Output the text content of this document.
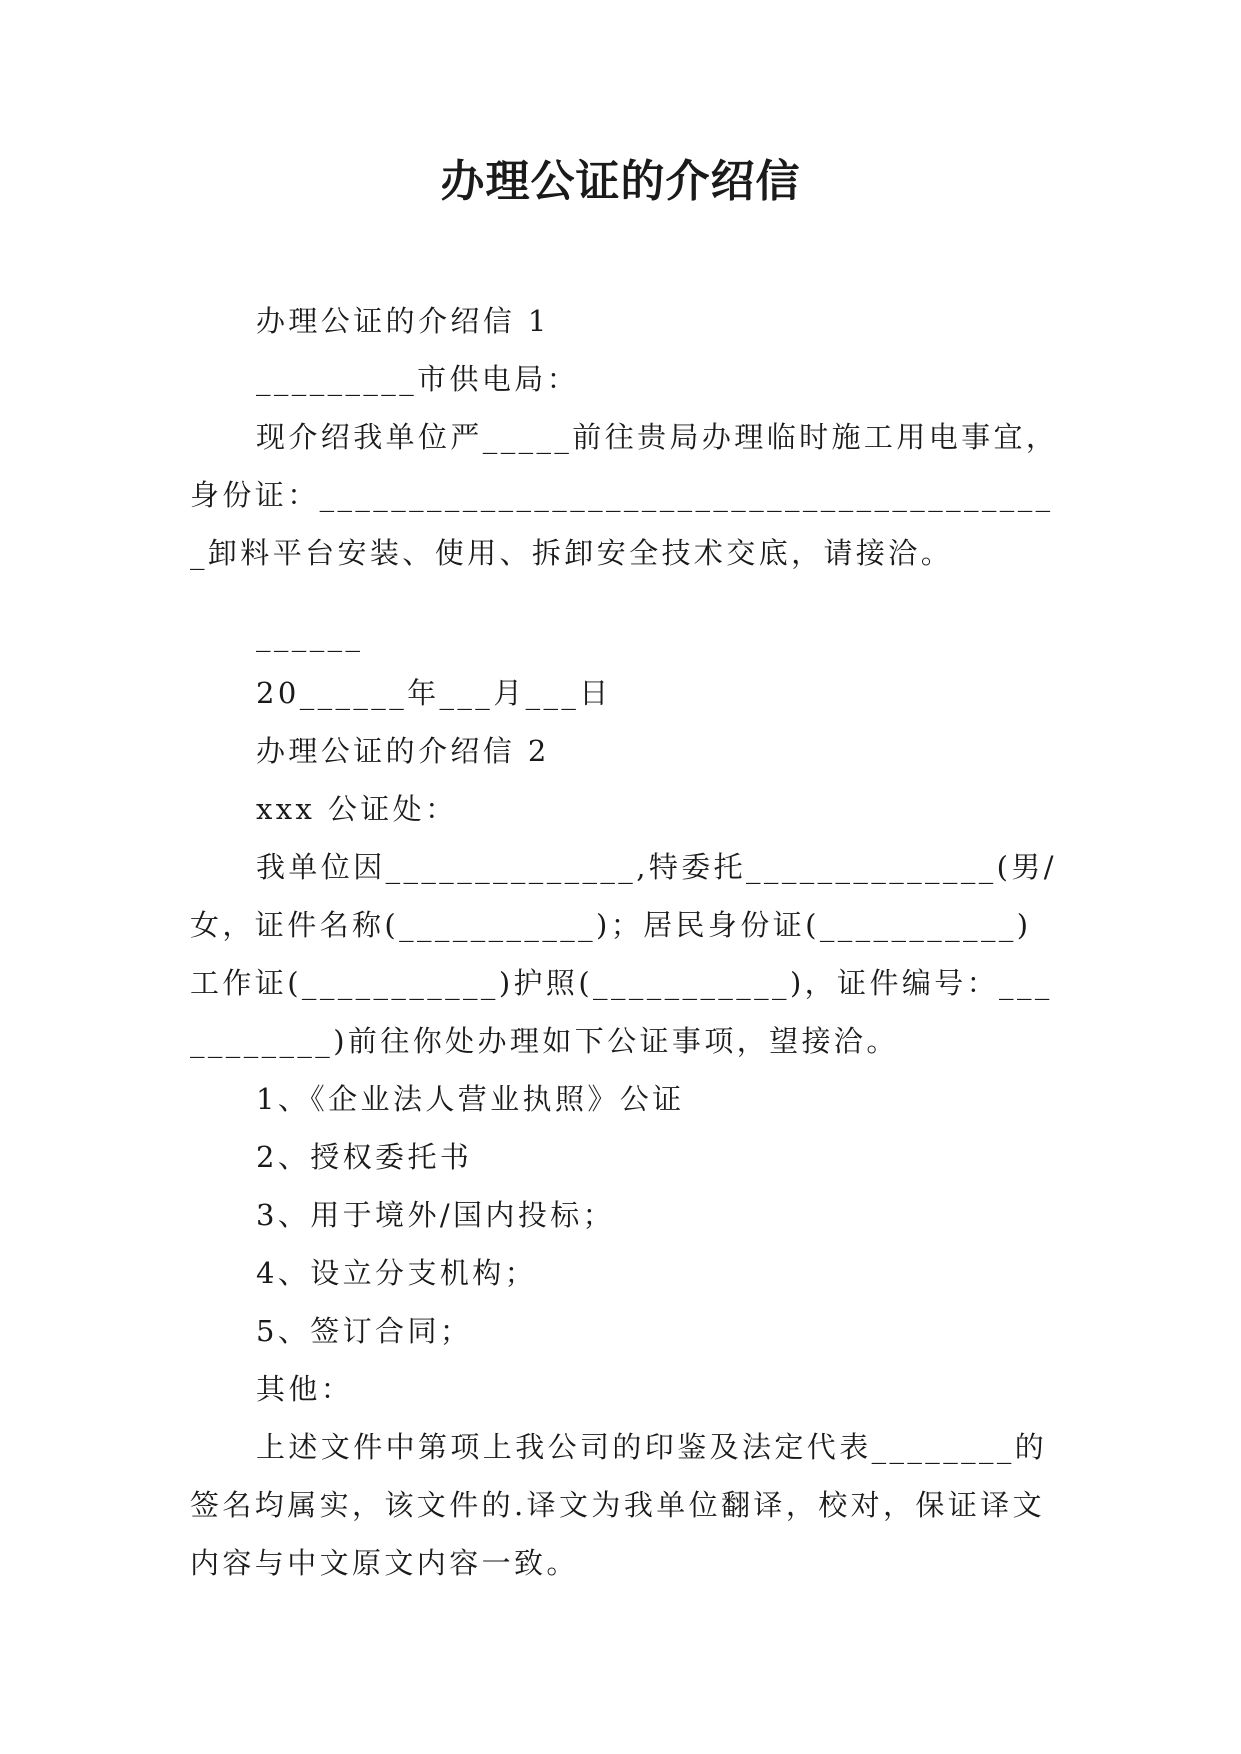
办理公证的介绍信

办理公证的介绍信 1

_________市供电局：

现介绍我单位严_____前往贵局办理临时施工用电事宜，身份证：__________________________________________卸料平台安装、使用、拆卸安全技术交底，请接洽。

______

20______年___月___日

办理公证的介绍信 2

xxx 公证处：

我单位因______________,特委托______________(男/女，证件名称(___________)；居民身份证(___________)工作证(___________)护照(___________)，证件编号：___________)前往你处办理如下公证事项，望接洽。

1、《企业法人营业执照》公证

2、授权委托书

3、用于境外/国内投标；

4、设立分支机构；

5、签订合同；

其他：

上述文件中第项上我公司的印鉴及法定代表________的签名均属实，该文件的.译文为我单位翻译，校对，保证译文内容与中文原文内容一致。
